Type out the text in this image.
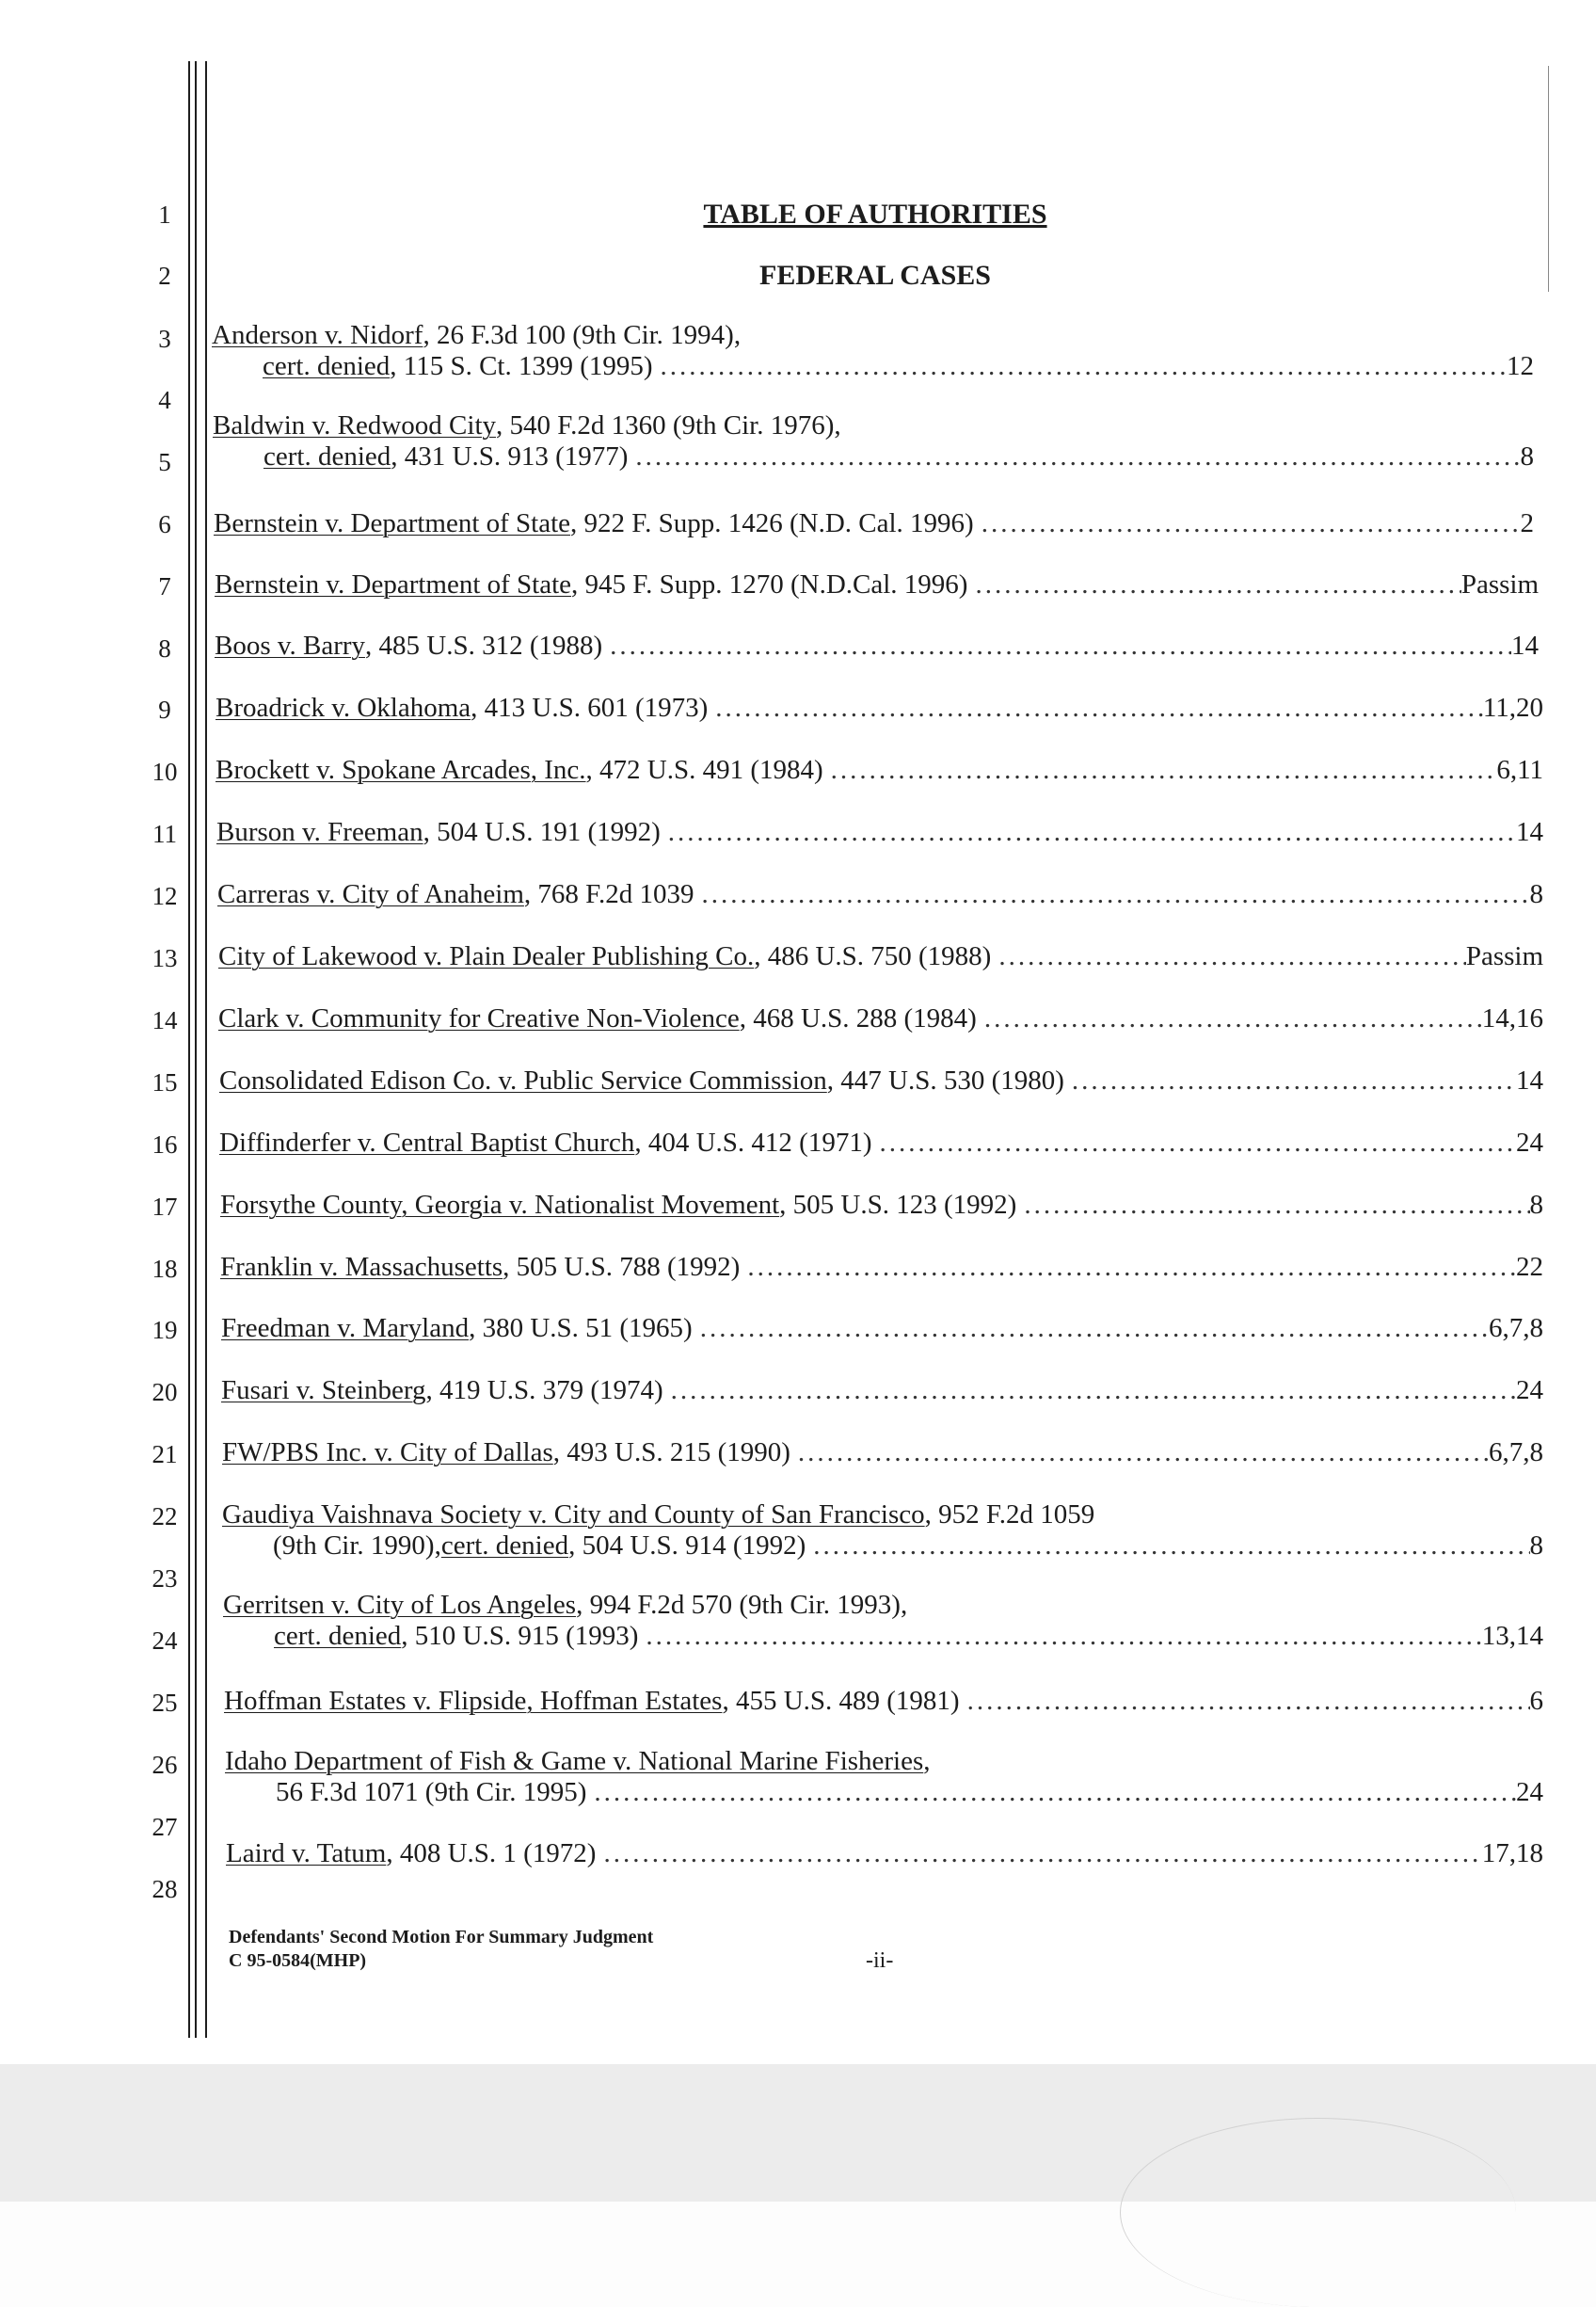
1
2
3
4
5
6
7
8
9
10
11
12
13
14
15
16
17
18
19
20
21
22
23
24
25
26
27
28
TABLE OF AUTHORITIES
FEDERAL CASES
Anderson v. Nidorf , 26 F.3d 100 (9th Cir. 1994),
cert. denied , 115 S. Ct. 1399 (1995) .....	12
Baldwin v. Redwood City , 540 F.2d 1360 (9th Cir. 1976),
cert. denied , 431 U.S. 913 (1977) .....	8
Bernstein v. Department of State , 922 F. Supp. 1426 (N.D. Cal. 1996) .....	2
Bernstein v. Department of State , 945 F. Supp. 1270 (N.D.Cal. 1996) .....	Passim
Boos v. Barry , 485 U.S. 312 (1988) .....	14
Broadrick v. Oklahoma , 413 U.S. 601 (1973) .....	11,20
Brockett v. Spokane Arcades, Inc. , 472 U.S. 491 (1984) .....	6,11
Burson v. Freeman , 504 U.S. 191 (1992) .....	14
Carreras v. City of Anaheim , 768 F.2d 1039 .....	8
City of Lakewood v. Plain Dealer Publishing Co. , 486 U.S. 750 (1988) .....	Passim
Clark v. Community for Creative Non-Violence , 468 U.S. 288 (1984) .....	14,16
Consolidated Edison Co. v. Public Service Commission , 447 U.S. 530 (1980) .....	14
Diffinderfer v. Central Baptist Church , 404 U.S. 412 (1971) .....	24
Forsythe County, Georgia v. Nationalist Movement , 505 U.S. 123 (1992) .....	8
Franklin v. Massachusetts , 505 U.S. 788 (1992) .....	22
Freedman v. Maryland , 380 U.S. 51 (1965) .....	6,7,8
Fusari v. Steinberg , 419 U.S. 379 (1974) .....	24
FW/PBS Inc. v. City of Dallas , 493 U.S. 215 (1990) .....	6,7,8
Gaudiya Vaishnava Society v. City and County of San Francisco , 952 F.2d 1059
(9th Cir. 1990), cert. denied , 504 U.S. 914 (1992) .....	8
Gerritsen v. City of Los Angeles , 994 F.2d 570 (9th Cir. 1993),
cert. denied , 510 U.S. 915 (1993) .....	13,14
Hoffman Estates v. Flipside, Hoffman Estates , 455 U.S. 489 (1981) .....	6
Idaho Department of Fish & Game v. National Marine Fisheries ,
56 F.3d 1071 (9th Cir. 1995) .....	24
Laird v. Tatum , 408 U.S. 1 (1972) .....	17,18
Defendants' Second Motion For Summary Judgment
C 95-0584(MHP)	-ii-
